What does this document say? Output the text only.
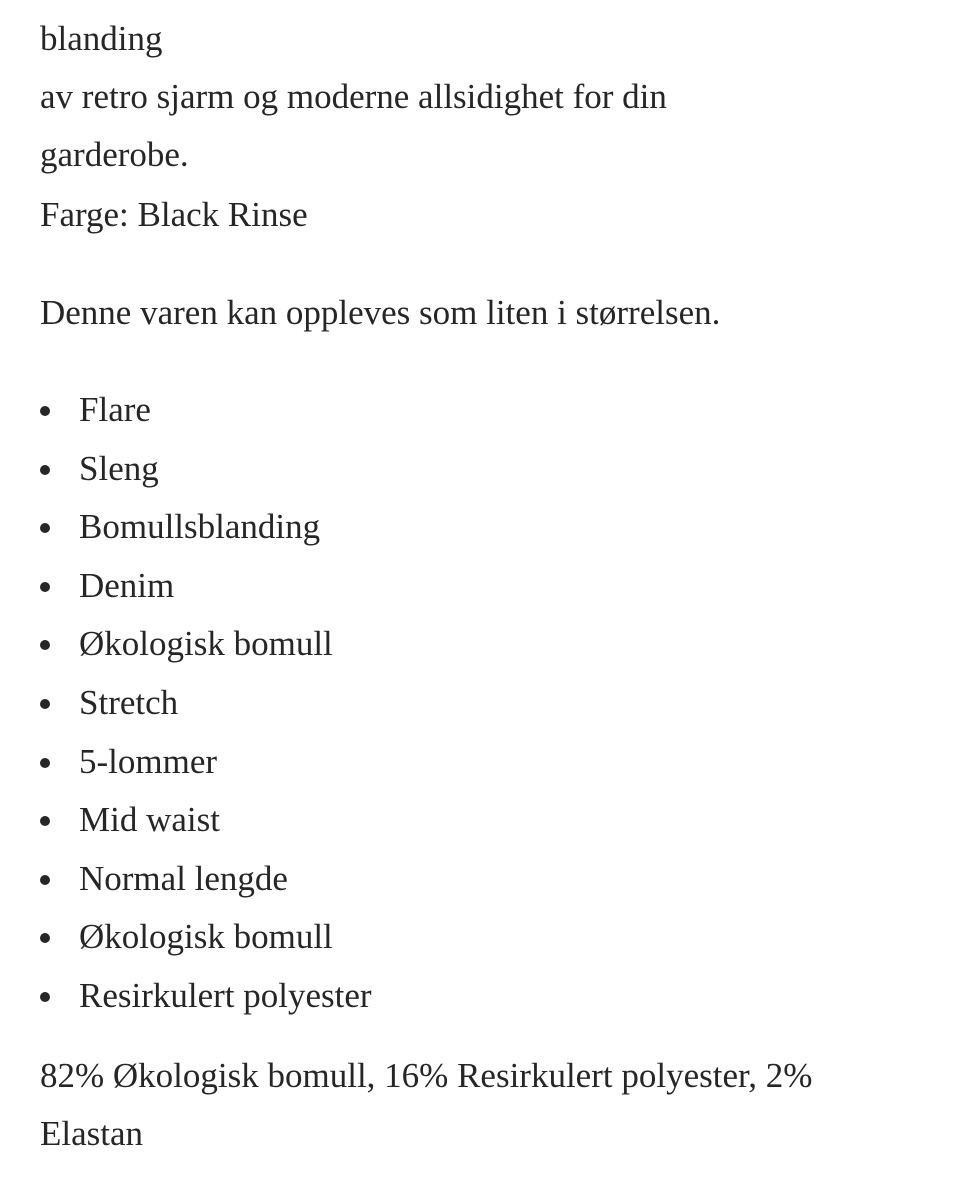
blanding
av retro sjarm og moderne allsidighet for din
garderobe.

Farge: Black Rinse

Denne varen kan oppleves som liten i størrelsen.

Flare
Sleng
Bomullsblanding
Denim
Økologisk bomull
Stretch
5-lommer
Mid waist
Normal lengde
Økologisk bomull
Resirkulert polyester

82% Økologisk bomull, 16% Resirkulert polyester, 2%
Elastan
